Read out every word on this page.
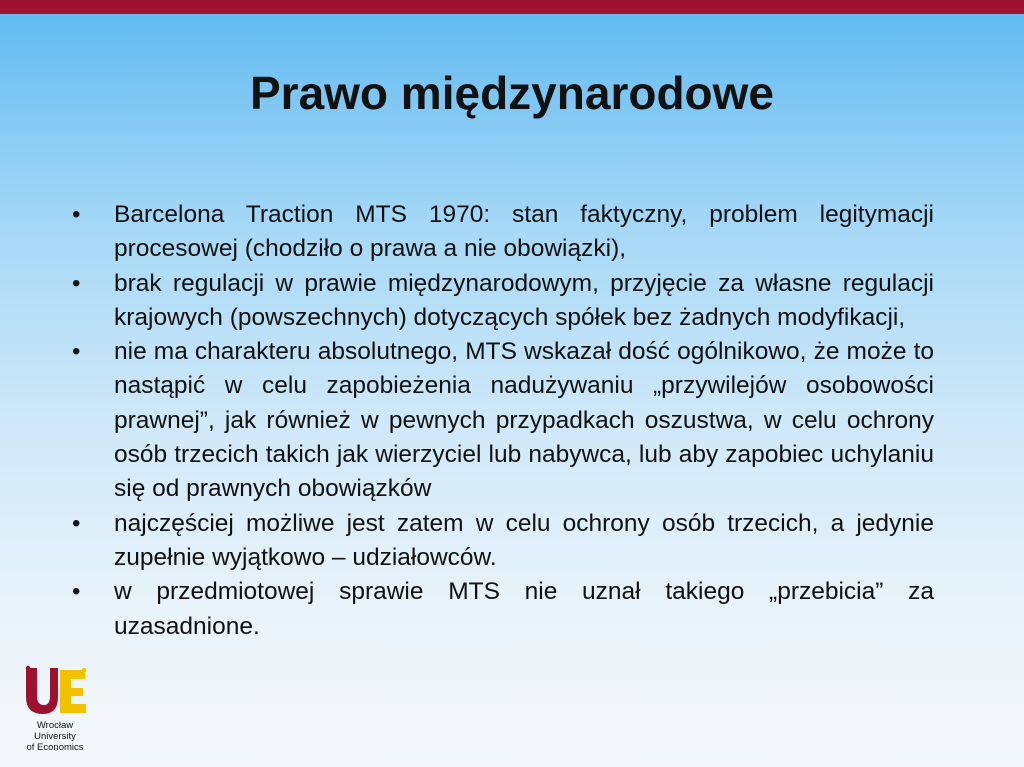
Prawo międzynarodowe
• Barcelona Traction MTS 1970: stan faktyczny, problem legitymacji procesowej (chodziło o prawa a nie obowiązki),
• brak regulacji w prawie międzynarodowym, przyjęcie za własne regulacji krajowych (powszechnych) dotyczących spółek bez żadnych modyfikacji,
• nie ma charakteru absolutnego, MTS wskazał dość ogólnikowo, że może to nastąpić w celu zapobieżenia nadużywaniu „przywilejów osobowości prawnej”, jak również w pewnych przypadkach oszustwa, w celu ochrony osób trzecich takich jak wierzyciel lub nabywca, lub aby zapobiec uchylaniu się od prawnych obowiązków
• najczęściej możliwe jest zatem w celu ochrony osób trzecich, a jedynie zupełnie wyjątkowo – udziałowców.
• w przedmiotowej sprawie MTS nie uznał takiego „przebicia” za uzasadnione.
Wrocław
University
of Economics
